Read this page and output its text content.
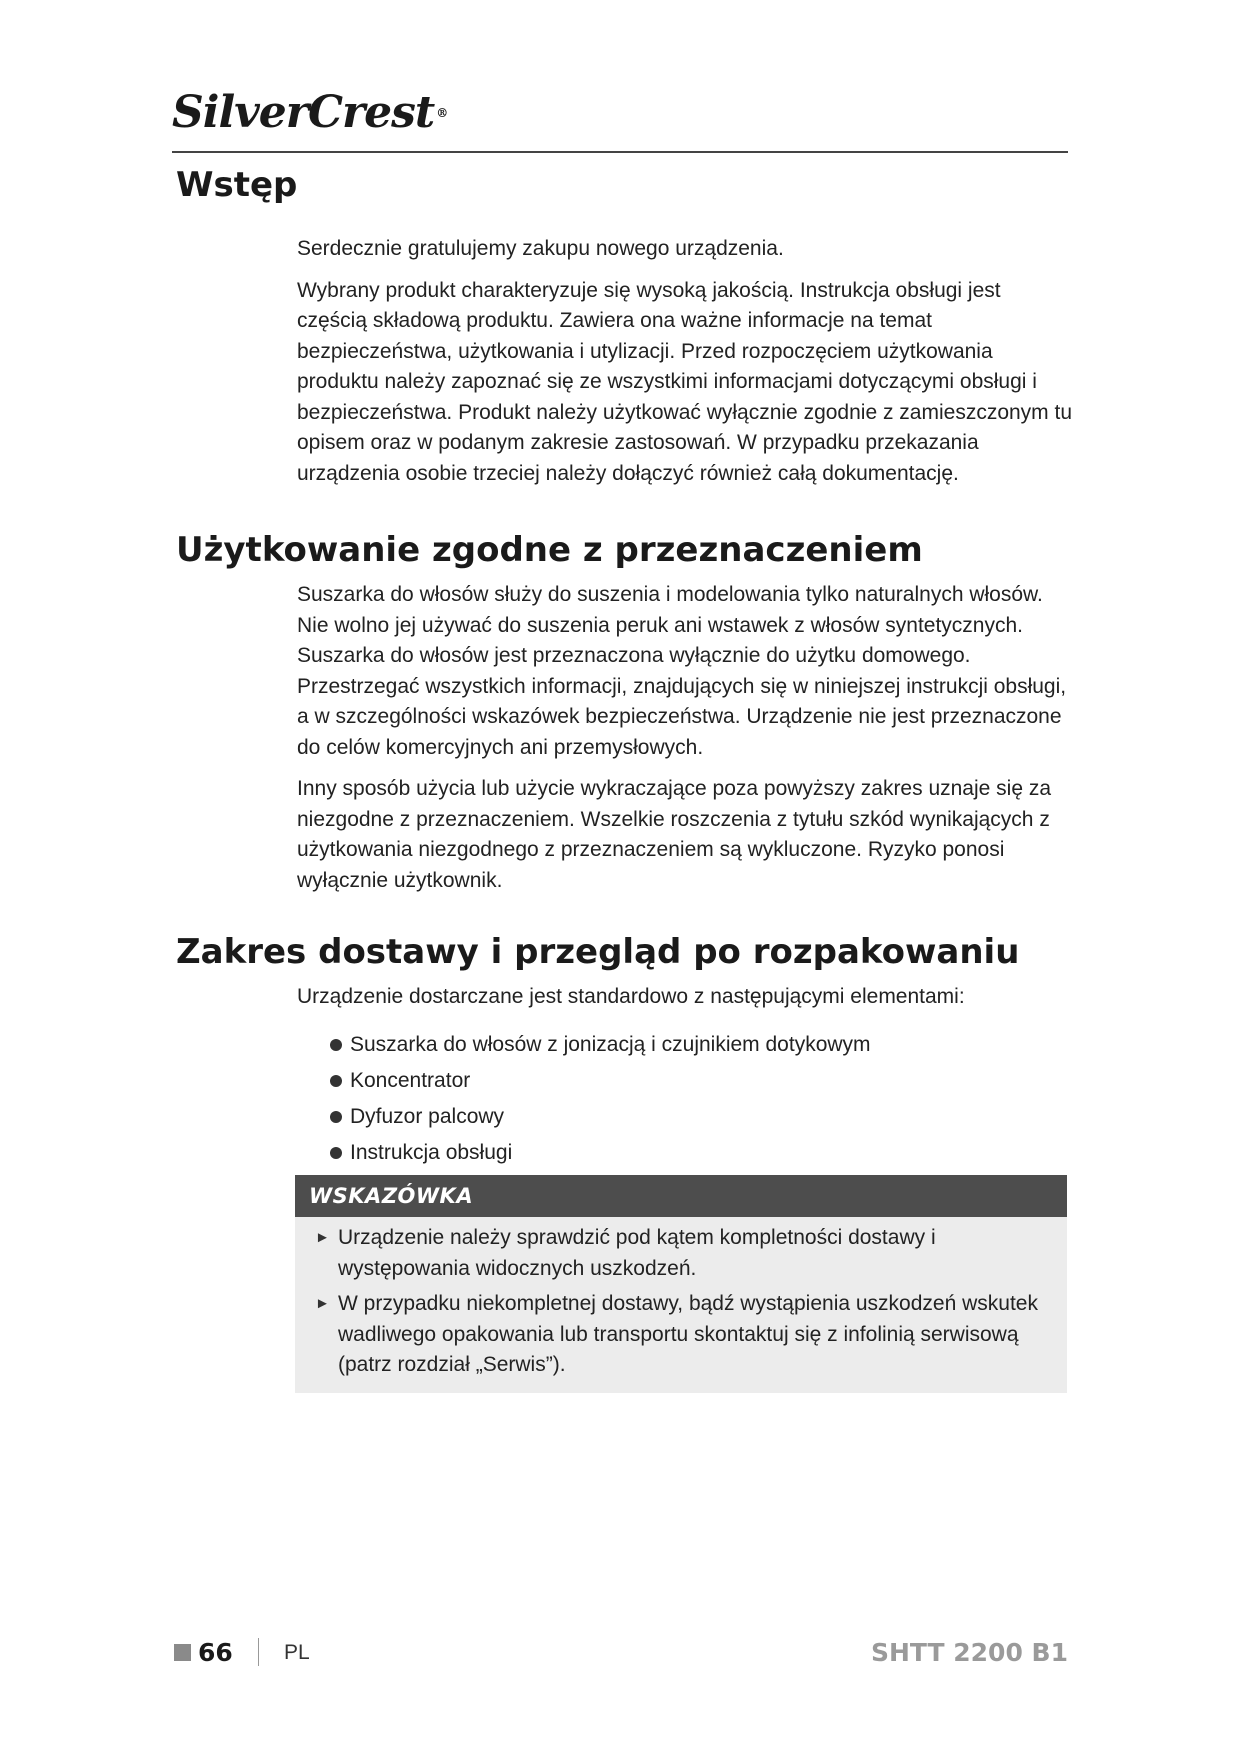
SilverCrest ®
Wstęp

Serdecznie gratulujemy zakupu nowego urządzenia.

Wybrany produkt charakteryzuje się wysoką jakością. Instrukcja obsługi jest częścią składową produktu. Zawiera ona ważne informacje na temat bezpieczeństwa, użytkowania i utylizacji. Przed rozpoczęciem użytkowania produktu należy zapoznać się ze wszystkimi informacjami dotyczącymi obsługi i bezpieczeństwa. Produkt należy użytkować wyłącznie zgodnie z zamieszczonym tu opisem oraz w podanym zakresie zastosowań. W przypadku przekazania urządzenia osobie trzeciej należy dołączyć również całą dokumentację.

Użytkowanie zgodne z przeznaczeniem

Suszarka do włosów służy do suszenia i modelowania tylko naturalnych włosów. Nie wolno jej używać do suszenia peruk ani wstawek z włosów syntetycznych. Suszarka do włosów jest przeznaczona wyłącznie do użytku domowego. Przestrzegać wszystkich informacji, znajdujących się w niniejszej instrukcji obsługi, a w szczególności wskazówek bezpieczeństwa. Urządzenie nie jest przeznaczone do celów komercyjnych ani przemysłowych.

Inny sposób użycia lub użycie wykraczające poza powyższy zakres uznaje się za niezgodne z przeznaczeniem. Wszelkie roszczenia z tytułu szkód wynikających z użytkowania niezgodnego z przeznaczeniem są wykluczone. Ryzyko ponosi wyłącznie użytkownik.

Zakres dostawy i przegląd po rozpakowaniu

Urządzenie dostarczane jest standardowo z następującymi elementami:

Suszarka do włosów z jonizacją i czujnikiem dotykowym
Koncentrator
Dyfuzor palcowy
Instrukcja obsługi
WSKAZÓWKA
► Urządzenie należy sprawdzić pod kątem kompletności dostawy i występowania widocznych uszkodzeń.
► W przypadku niekompletnej dostawy, bądź wystąpienia uszkodzeń wskutek wadliwego opakowania lub transportu skontaktuj się z infolinią serwisową (patrz rozdział „Serwis”).
66 PL	SHTT 2200 B1
